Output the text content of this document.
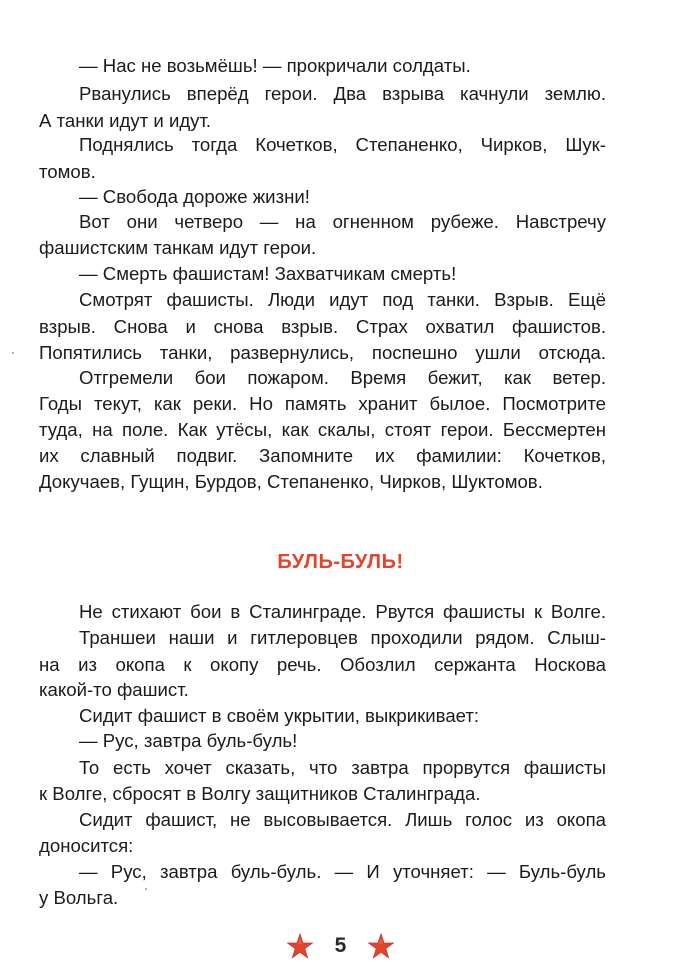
— Нас не возьмёшь! — прокричали солдаты.
Рванулись вперёд герои. Два взрыва качнули землю.
А танки идут и идут.
Поднялись тогда Кочетков, Степаненко, Чирков, Шук-
томов.
— Свобода дороже жизни!
Вот они четверо — на огненном рубеже. Навстречу
фашистским танкам идут герои.
— Смерть фашистам! Захватчикам смерть!
Смотрят фашисты. Люди идут под танки. Взрыв. Ещё
взрыв. Снова и снова взрыв. Страх охватил фашистов.
Попятились танки, развернулись, поспешно ушли отсюда.
Отгремели бои пожаром. Время бежит, как ветер.
Годы текут, как реки. Но память хранит былое. Посмотрите
туда, на поле. Как утёсы, как скалы, стоят герои. Бессмертен
их славный подвиг. Запомните их фамилии: Кочетков,
Докучаев, Гущин, Бурдов, Степаненко, Чирков, Шуктомов.
БУЛЬ-БУЛЬ!
Не стихают бои в Сталинграде. Рвутся фашисты к Волге.
Траншеи наши и гитлеровцев проходили рядом. Слыш-
на из окопа к окопу речь. Обозлил сержанта Носкова
какой-то фашист.
Сидит фашист в своём укрытии, выкрикивает:
— Рус, завтра буль-буль!
То есть хочет сказать, что завтра прорвутся фашисты
к Волге, сбросят в Волгу защитников Сталинграда.
Сидит фашист, не высовывается. Лишь голос из окопа
доносится:
— Рус, завтра буль-буль. — И уточняет: — Буль-буль
у Вольга.
5
